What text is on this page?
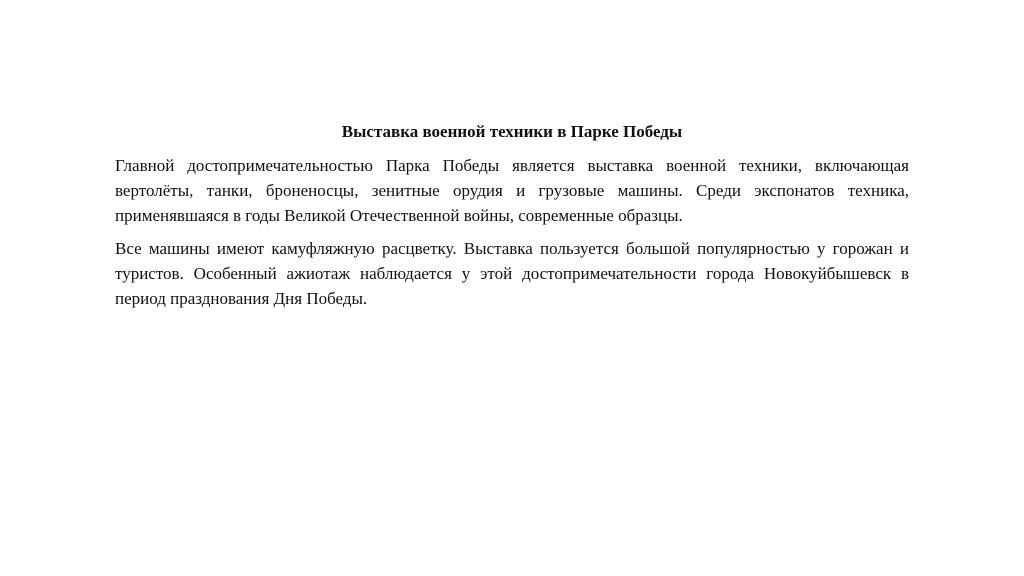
Выставка военной техники в Парке Победы

Главной достопримечательностью Парка Победы является выставка военной техники, включающая вертолёты, танки, броненосцы, зенитные орудия и грузовые машины. Среди экспонатов техника, применявшаяся в годы Великой Отечественной войны, современные образцы.

Все машины имеют камуфляжную расцветку. Выставка пользуется большой популярностью у горожан и туристов. Особенный ажиотаж наблюдается у этой достопримечательности города Новокуйбышевск в период празднования Дня Победы.
